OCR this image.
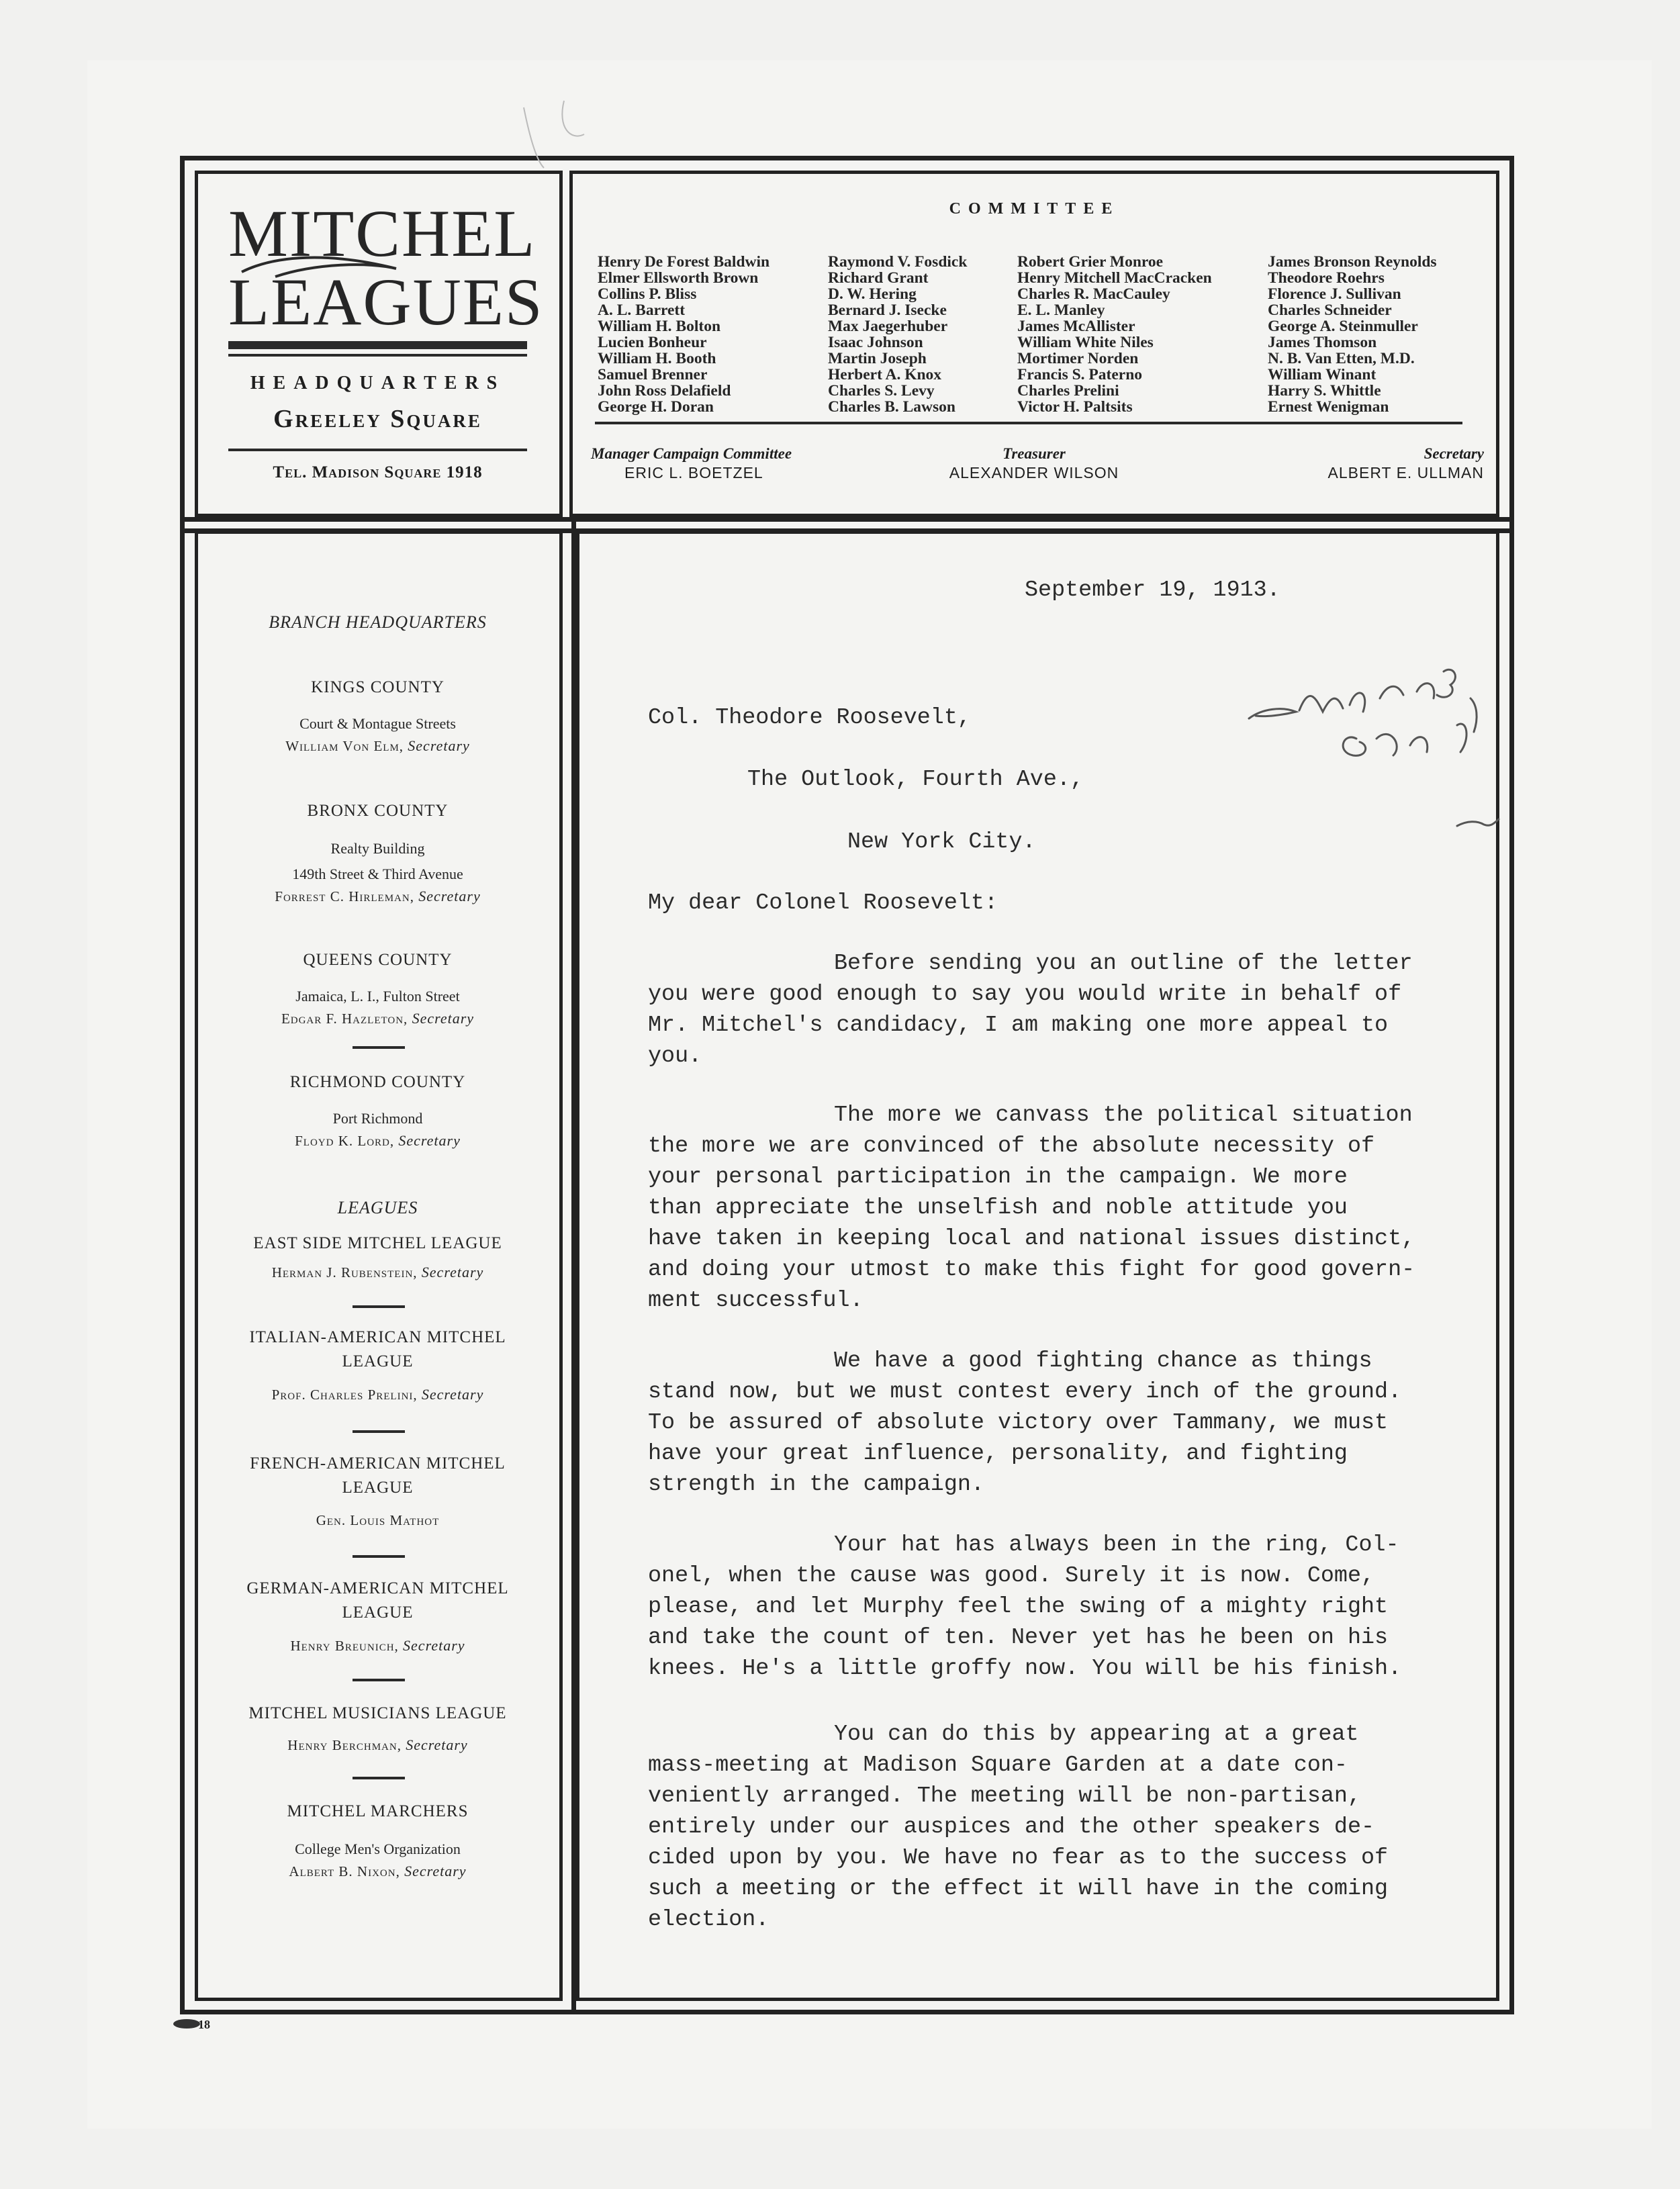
MITCHEL
LEAGUES
HEADQUARTERS
Greeley Square
Tel. Madison Square 1918
COMMITTEE
Henry De Forest Baldwin
Elmer Ellsworth Brown
Collins P. Bliss
A. L. Barrett
William H. Bolton
Lucien Bonheur
William H. Booth
Samuel Brenner
John Ross Delafield
George H. Doran
Raymond V. Fosdick
Richard Grant
D. W. Hering
Bernard J. Isecke
Max Jaegerhuber
Isaac Johnson
Martin Joseph
Herbert A. Knox
Charles S. Levy
Charles B. Lawson
Robert Grier Monroe
Henry Mitchell MacCracken
Charles R. MacCauley
E. L. Manley
James McAllister
William White Niles
Mortimer Norden
Francis S. Paterno
Charles Prelini
Victor H. Paltsits
James Bronson Reynolds
Theodore Roehrs
Florence J. Sullivan
Charles Schneider
George A. Steinmuller
James Thomson
N. B. Van Etten, M.D.
William Winant
Harry S. Whittle
Ernest Wenigman
Manager Campaign Committee
ERIC L. BOETZEL
Treasurer
ALEXANDER WILSON
Secretary
ALBERT E. ULLMAN
BRANCH HEADQUARTERS
KINGS COUNTY
Court & Montague Streets
William Von Elm, Secretary
BRONX COUNTY
Realty Building
149th Street & Third Avenue
Forrest C. Hirleman, Secretary
QUEENS COUNTY
Jamaica, L. I., Fulton Street
Edgar F. Hazleton, Secretary
RICHMOND COUNTY
Port Richmond
Floyd K. Lord, Secretary
LEAGUES
EAST SIDE MITCHEL LEAGUE
Herman J. Rubenstein, Secretary
ITALIAN-AMERICAN MITCHEL
LEAGUE
Prof. Charles Prelini, Secretary
FRENCH-AMERICAN MITCHEL
LEAGUE
Gen. Louis Mathot
GERMAN-AMERICAN MITCHEL
LEAGUE
Henry Breunich, Secretary
MITCHEL MUSICIANS LEAGUE
Henry Berchman, Secretary
MITCHEL MARCHERS
College Men's Organization
Albert B. Nixon, Secretary
September 19, 1913.
Col. Theodore Roosevelt,
The Outlook, Fourth Ave.,
New York City.
My dear Colonel Roosevelt:
Before sending you an outline of the letter
you were good enough to say you would write in behalf of
Mr. Mitchel's candidacy, I am making one more appeal to
you.
The more we canvass the political situation
the more we are convinced of the absolute necessity of
your personal participation in the campaign. We more
than appreciate the unselfish and noble attitude you
have taken in keeping local and national issues distinct,
and doing your utmost to make this fight for good govern-
ment successful.
We have a good fighting chance as things
stand now, but we must contest every inch of the ground.
To be assured of absolute victory over Tammany, we must
have your great influence, personality, and fighting
strength in the campaign.
Your hat has always been in the ring, Col-
onel, when the cause was good. Surely it is now. Come,
please, and let Murphy feel the swing of a mighty right
and take the count of ten. Never yet has he been on his
knees. He's a little groffy now. You will be his finish.
You can do this by appearing at a great
mass-meeting at Madison Square Garden at a date con-
veniently arranged. The meeting will be non-partisan,
entirely under our auspices and the other speakers de-
cided upon by you. We have no fear as to the success of
such a meeting or the effect it will have in the coming
election.
18
